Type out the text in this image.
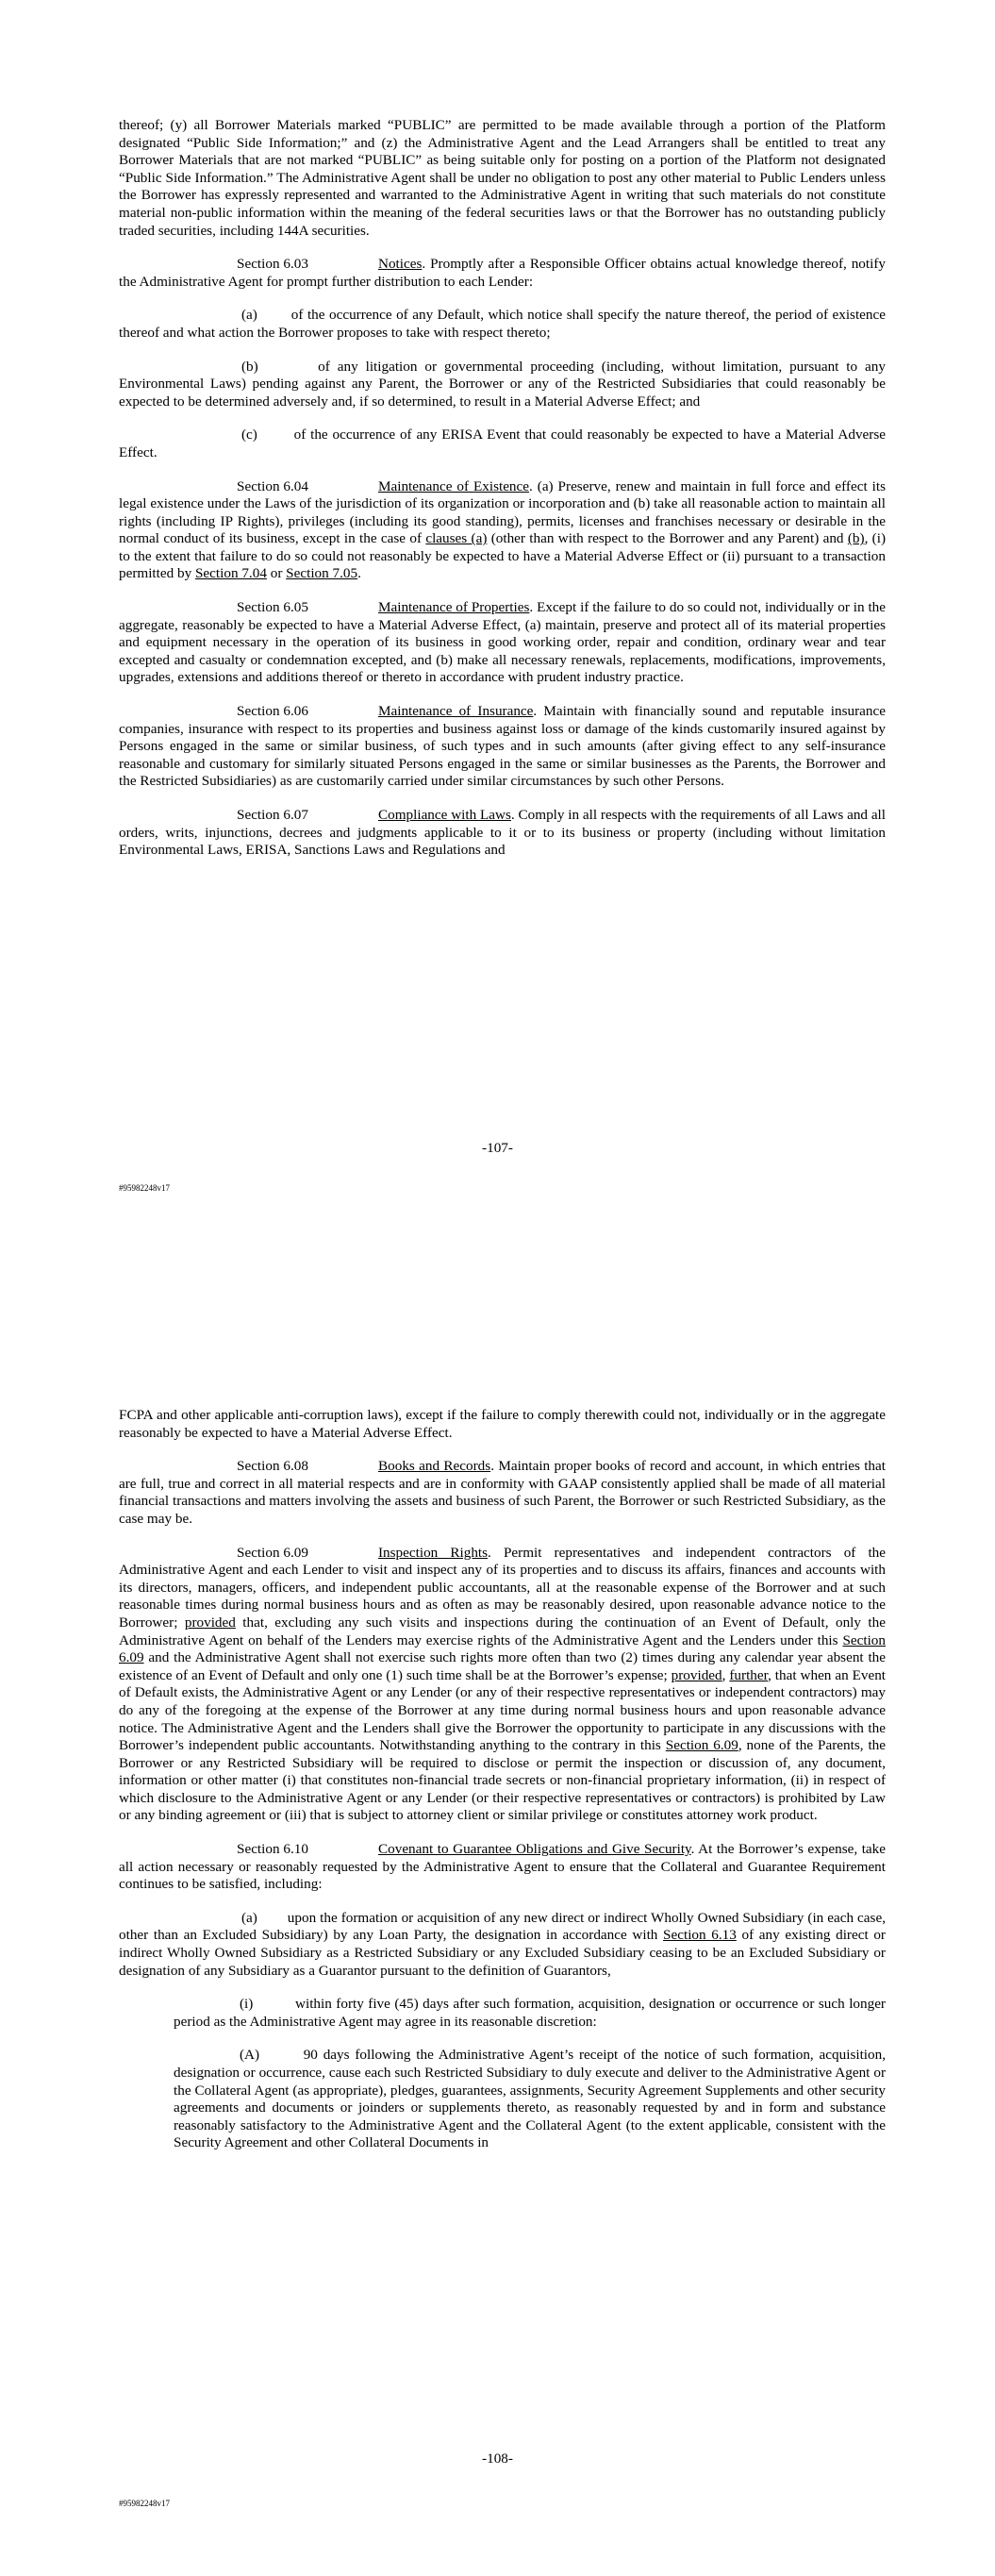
thereof; (y) all Borrower Materials marked “PUBLIC” are permitted to be made available through a portion of the Platform designated “Public Side Information;” and (z) the Administrative Agent and the Lead Arrangers shall be entitled to treat any Borrower Materials that are not marked “PUBLIC” as being suitable only for posting on a portion of the Platform not designated “Public Side Information.” The Administrative Agent shall be under no obligation to post any other material to Public Lenders unless the Borrower has expressly represented and warranted to the Administrative Agent in writing that such materials do not constitute material non-public information within the meaning of the federal securities laws or that the Borrower has no outstanding publicly traded securities, including 144A securities.

Section 6.03	Notices. Promptly after a Responsible Officer obtains actual knowledge thereof, notify the Administrative Agent for prompt further distribution to each Lender:

(a)        of the occurrence of any Default, which notice shall specify the nature thereof, the period of existence thereof and what action the Borrower proposes to take with respect thereto;

(b)        of any litigation or governmental proceeding (including, without limitation, pursuant to any Environmental Laws) pending against any Parent, the Borrower or any of the Restricted Subsidiaries that could reasonably be expected to be determined adversely and, if so determined, to result in a Material Adverse Effect; and

(c)        of the occurrence of any ERISA Event that could reasonably be expected to have a Material Adverse Effect.

Section 6.04	Maintenance of Existence. (a) Preserve, renew and maintain in full force and effect its legal existence under the Laws of the jurisdiction of its organization or incorporation and (b) take all reasonable action to maintain all rights (including IP Rights), privileges (including its good standing), permits, licenses and franchises necessary or desirable in the normal conduct of its business, except in the case of clauses (a) (other than with respect to the Borrower and any Parent) and (b), (i) to the extent that failure to do so could not reasonably be expected to have a Material Adverse Effect or (ii) pursuant to a transaction permitted by Section 7.04 or Section 7.05.

Section 6.05	Maintenance of Properties. Except if the failure to do so could not, individually or in the aggregate, reasonably be expected to have a Material Adverse Effect, (a) maintain, preserve and protect all of its material properties and equipment necessary in the operation of its business in good working order, repair and condition, ordinary wear and tear excepted and casualty or condemnation excepted, and (b) make all necessary renewals, replacements, modifications, improvements, upgrades, extensions and additions thereof or thereto in accordance with prudent industry practice.

Section 6.06	Maintenance of Insurance. Maintain with financially sound and reputable insurance companies, insurance with respect to its properties and business against loss or damage of the kinds customarily insured against by Persons engaged in the same or similar business, of such types and in such amounts (after giving effect to any self-insurance reasonable and customary for similarly situated Persons engaged in the same or similar businesses as the Parents, the Borrower and the Restricted Subsidiaries) as are customarily carried under similar circumstances by such other Persons.

Section 6.07	Compliance with Laws. Comply in all respects with the requirements of all Laws and all orders, writs, injunctions, decrees and judgments applicable to it or to its business or property (including without limitation Environmental Laws, ERISA, Sanctions Laws and Regulations and

-107-
#95982248v17

FCPA and other applicable anti-corruption laws), except if the failure to comply therewith could not, individually or in the aggregate reasonably be expected to have a Material Adverse Effect.

Section 6.08	Books and Records. Maintain proper books of record and account, in which entries that are full, true and correct in all material respects and are in conformity with GAAP consistently applied shall be made of all material financial transactions and matters involving the assets and business of such Parent, the Borrower or such Restricted Subsidiary, as the case may be.

Section 6.09	Inspection Rights. Permit representatives and independent contractors of the Administrative Agent and each Lender to visit and inspect any of its properties and to discuss its affairs, finances and accounts with its directors, managers, officers, and independent public accountants, all at the reasonable expense of the Borrower and at such reasonable times during normal business hours and as often as may be reasonably desired, upon reasonable advance notice to the Borrower; provided that, excluding any such visits and inspections during the continuation of an Event of Default, only the Administrative Agent on behalf of the Lenders may exercise rights of the Administrative Agent and the Lenders under this Section 6.09 and the Administrative Agent shall not exercise such rights more often than two (2) times during any calendar year absent the existence of an Event of Default and only one (1) such time shall be at the Borrower’s expense; provided, further, that when an Event of Default exists, the Administrative Agent or any Lender (or any of their respective representatives or independent contractors) may do any of the foregoing at the expense of the Borrower at any time during normal business hours and upon reasonable advance notice. The Administrative Agent and the Lenders shall give the Borrower the opportunity to participate in any discussions with the Borrower’s independent public accountants. Notwithstanding anything to the contrary in this Section 6.09, none of the Parents, the Borrower or any Restricted Subsidiary will be required to disclose or permit the inspection or discussion of, any document, information or other matter (i) that constitutes non-financial trade secrets or non-financial proprietary information, (ii) in respect of which disclosure to the Administrative Agent or any Lender (or their respective representatives or contractors) is prohibited by Law or any binding agreement or (iii) that is subject to attorney client or similar privilege or constitutes attorney work product.

Section 6.10	Covenant to Guarantee Obligations and Give Security. At the Borrower’s expense, take all action necessary or reasonably requested by the Administrative Agent to ensure that the Collateral and Guarantee Requirement continues to be satisfied, including:

(a)        upon the formation or acquisition of any new direct or indirect Wholly Owned Subsidiary (in each case, other than an Excluded Subsidiary) by any Loan Party, the designation in accordance with Section 6.13 of any existing direct or indirect Wholly Owned Subsidiary as a Restricted Subsidiary or any Excluded Subsidiary ceasing to be an Excluded Subsidiary or designation of any Subsidiary as a Guarantor pursuant to the definition of Guarantors,

(i)          within forty five (45) days after such formation, acquisition, designation or occurrence or such longer period as the Administrative Agent may agree in its reasonable discretion:

(A)        90 days following the Administrative Agent’s receipt of the notice of such formation, acquisition, designation or occurrence, cause each such Restricted Subsidiary to duly execute and deliver to the Administrative Agent or the Collateral Agent (as appropriate), pledges, guarantees, assignments, Security Agreement Supplements and other security agreements and documents or joinders or supplements thereto, as reasonably requested by and in form and substance reasonably satisfactory to the Administrative Agent and the Collateral Agent (to the extent applicable, consistent with the Security Agreement and other Collateral Documents in

-108-
#95982248v17
